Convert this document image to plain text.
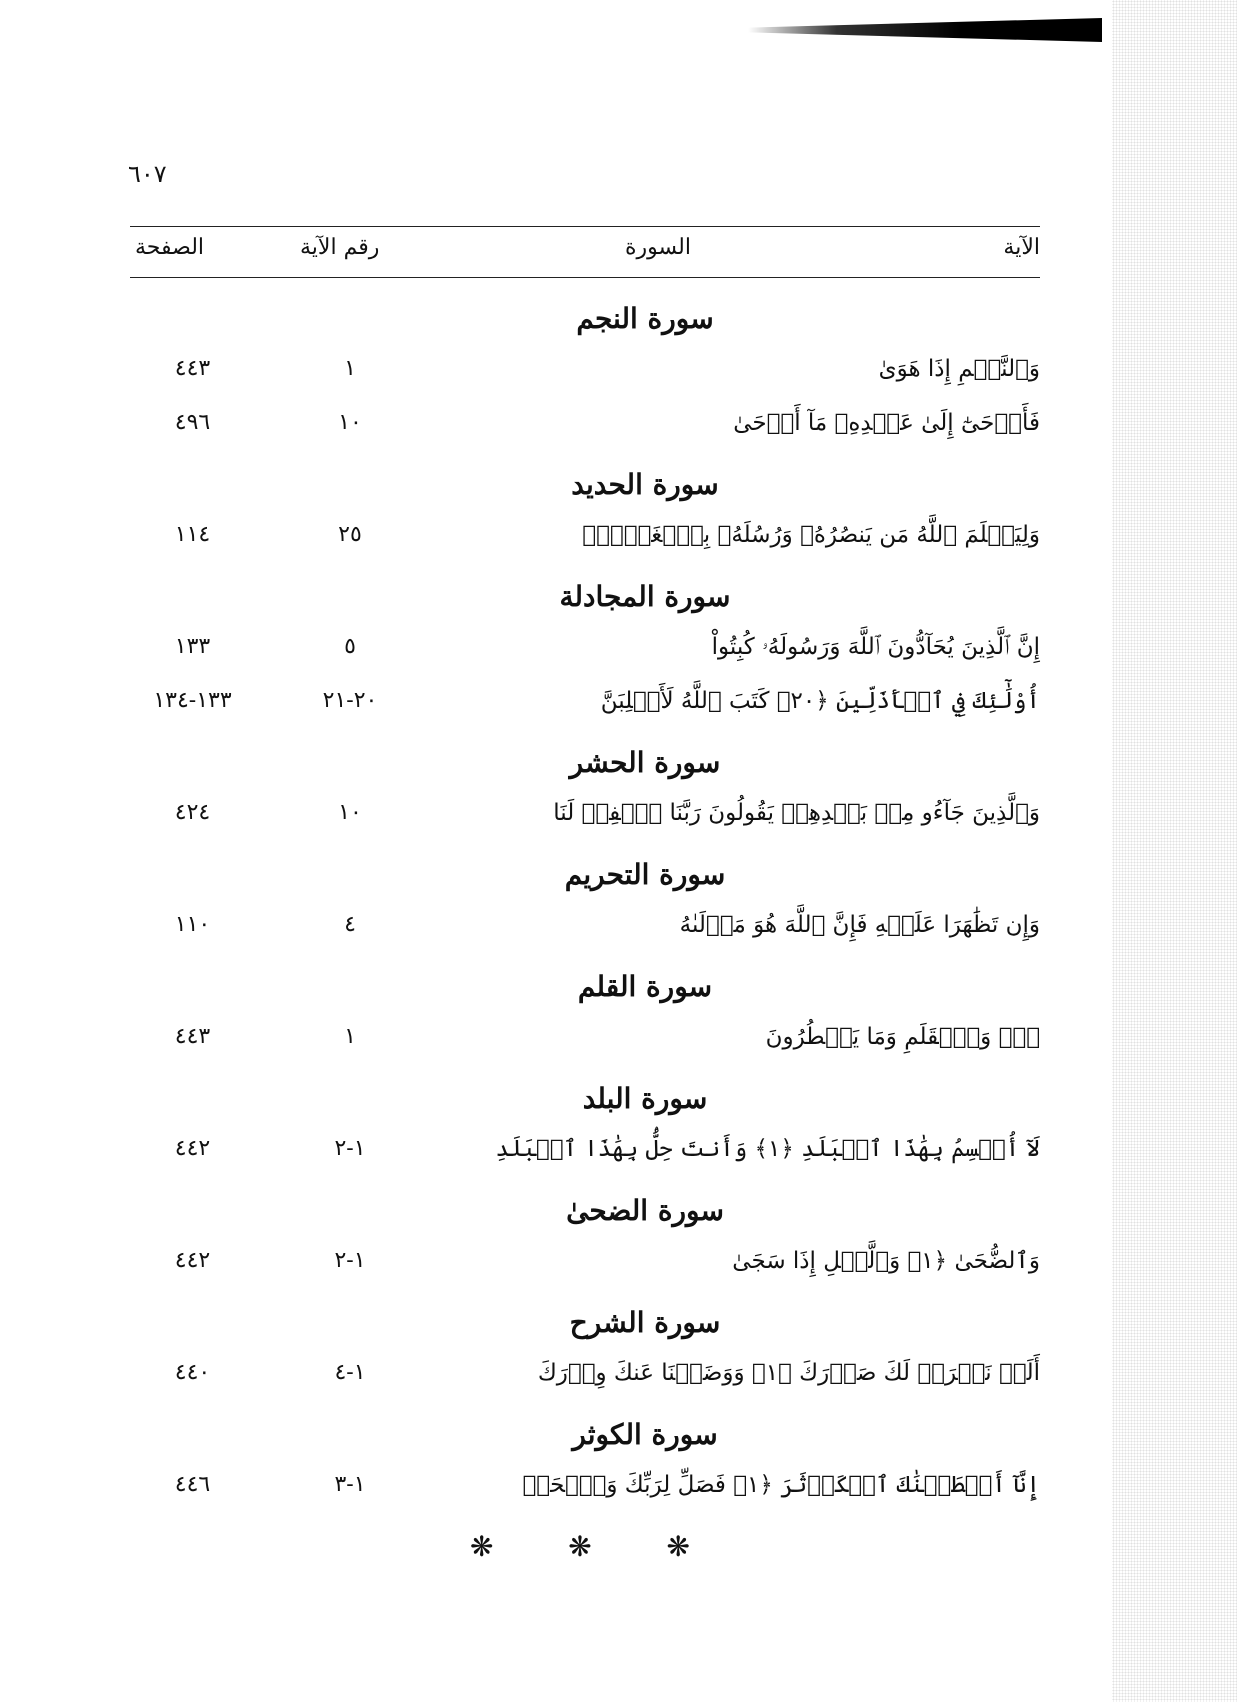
٦٠٧
الآية
السورة
رقم الآية
الصفحة
سورة النجم
وَٱلنَّجۡمِ إِذَا هَوَىٰ
١
٤٤٣
فَأَوۡحَىٰٓ إِلَىٰ عَبۡدِهِۦ مَآ أَوۡحَىٰ
١٠
٤٩٦
سورة الحديد
وَلِيَعۡلَمَ ٱللَّهُ مَن يَنصُرُهُۥ وَرُسُلَهُۥ بِٱلۡغَيۡبِۚ
٢٥
١١٤
سورة المجادلة
إِنَّ ٱلَّذِينَ يُحَآدُّونَ ٱللَّهَ وَرَسُولَهُۥ كُبِتُواْ
٥
١٣٣
أُوْلَٰٓئِكَ فِي ٱلۡأَذَلِّينَ ﴿٢٠﴾ كَتَبَ ٱللَّهُ لَأَغۡلِبَنَّ
٢٠-٢١
١٣٣-١٣٤
سورة الحشر
وَٱلَّذِينَ جَآءُو مِنۢ بَعۡدِهِمۡ يَقُولُونَ رَبَّنَا ٱغۡفِرۡ لَنَا
١٠
٤٢٤
سورة التحريم
وَإِن تَظَٰهَرَا عَلَيۡهِ فَإِنَّ ٱللَّهَ هُوَ مَوۡلَىٰهُ
٤
١١٠
سورة القلم
نٓۚ وَٱلۡقَلَمِ وَمَا يَسۡطُرُونَ
١
٤٤٣
سورة البلد
لَآ أُقۡسِمُ بِهَٰذَا ٱلۡبَلَدِ ﴿١﴾ وَأَنتَ حِلُّۢ بِهَٰذَا ٱلۡبَلَدِ
١-٢
٤٤٢
سورة الضحىٰ
وَٱلضُّحَىٰ ﴿١﴾ وَٱلَّيۡلِ إِذَا سَجَىٰ
١-٢
٤٤٢
سورة الشرح
أَلَمۡ نَشۡرَحۡ لَكَ صَدۡرَكَ ﴿١﴾ وَوَضَعۡنَا عَنكَ وِزۡرَكَ
١-٤
٤٤٠
سورة الكوثر
إِنَّآ أَعۡطَيۡنَٰكَ ٱلۡكَوۡثَرَ ﴿١﴾ فَصَلِّ لِرَبِّكَ وَٱنۡحَرۡ
١-٣
٤٤٦
❋	❋	❋
